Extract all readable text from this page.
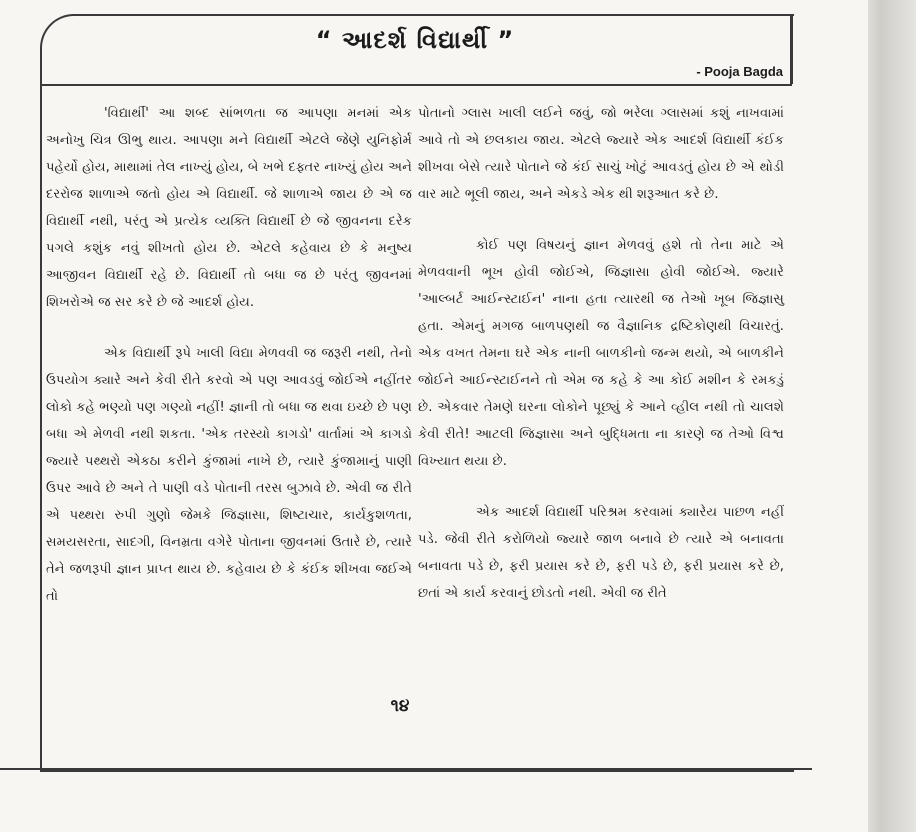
“ આદર્શ વિદ્યાર્થી ”
- Pooja Bagda

'વિદ્યાર્થી' આ શબ્દ સાંભળતા જ આપણા મનમાં એક અનોખુ ચિત્ર ઊભુ થાય. આપણા મને વિદ્યાર્થી એટલે જેણે યુનિફોર્મ પહેર્યો હોય, માથામાં તેલ નાખ્યું હોય, બે ખભે દફ્તર નાખ્યું હોય અને દરરોજ શાળાએ જતો હોય એ વિદ્યાર્થી. જે શાળાએ જાય છે એ જ વિદ્યાર્થી નથી, પરંતુ એ પ્રત્યેક વ્યક્તિ વિદ્યાર્થી છે જે જીવનના દરેક પગલે કશુંક નવું શીખતો હોય છે. એટલે કહેવાય છે કે મનુષ્ય આજીવન વિદ્યાર્થી રહે છે. વિદ્યાર્થી તો બધા જ છે પરંતુ જીવનમાં શિખરોએ જ સર કરે છે જે આદર્શ હોય.

એક વિદ્યાર્થી રૂપે ખાલી વિદ્યા મેળવવી જ જરૂરી નથી, તેનો ઉપયોગ ક્યારે અને કેવી રીતે કરવો એ પણ આવડવું જોઈએ નહીંતર લોકો કહે ભણ્યો પણ ગણ્યો નહીં! જ્ઞાની તો બધા જ થવા ઇચ્છે છે પણ બધા એ મેળવી નથી શકતા. 'એક તરસ્યો કાગડો' વાર્તામાં એ કાગડો જ્યારે પથ્થરો એકઠા કરીને કુંજામાં નાખે છે, ત્યારે કુંજામાનું પાણી ઉપર આવે છે અને તે પાણી વડે પોતાની તરસ બુઝાવે છે. એવી જ રીતે એ પથ્થરા રુપી ગુણો જેમકે જિજ્ઞાસા, શિષ્ટાચાર, કાર્યકુશળતા, સમયસરતા, સાદગી, વિનમ્રતા વગેરે પોતાના જીવનમાં ઉતારે છે, ત્યારે તેને જળરૂપી જ્ઞાન પ્રાપ્ત થાય છે. કહેવાય છે કે કંઈક શીખવા જઈએ તો

પોતાનો ગ્લાસ ખાલી લઈને જવું, જો ભરેલા ગ્લાસમાં કશું નાખવામાં આવે તો એ છલકાય જાય. એટલે જ્યારે એક આદર્શ વિદ્યાર્થી કંઈક શીખવા બેસે ત્યારે પોતાને જે કંઈ સાચું ખોટું આવડતું હોય છે એ થોડી વાર માટે ભૂલી જાય, અને એકડે એક થી શરૂઆત કરે છે.

કોઈ પણ વિષયનું જ્ઞાન મેળવવું હશે તો તેના માટે એ મેળવવાની ભૂખ હોવી જોઈએ, જિજ્ઞાસા હોવી જોઈએ. જ્યારે 'આલ્બર્ટ આઈન્સ્ટાઈન' નાના હતા ત્યારથી જ તેઓ ખૂબ જિજ્ઞાસુ હતા. એમનું મગજ બાળપણથી જ વૈજ્ઞાનિક દ્રષ્ટિકોણથી વિચારતું. એક વખત તેમના ઘરે એક નાની બાળકીનો જન્મ થયો, એ બાળકીને જોઈને આઈન્સ્ટાઈનને તો એમ જ કહે કે આ કોઈ મશીન કે રમકડું છે. એકવાર તેમણે ઘરના લોકોને પૂછ્યું કે આને વ્હીલ નથી તો ચાલશે કેવી રીતે! આટલી જિજ્ઞાસા અને બુદ્ધિમતા ના કારણે જ તેઓ વિશ્વ વિખ્યાત થયા છે.

એક આદર્શ વિદ્યાર્થી પરિશ્રમ કરવામાં ક્યારેય પાછળ નહીં પડે. જેવી રીતે કરોળિયો જ્યારે જાળ બનાવે છે ત્યારે એ બનાવતા બનાવતા પડે છે, ફરી પ્રયાસ કરે છે, ફરી પડે છે, ફરી પ્રયાસ કરે છે, છતાં એ કાર્ય કરવાનું છોડતો નથી. એવી જ રીતે

૧૪
